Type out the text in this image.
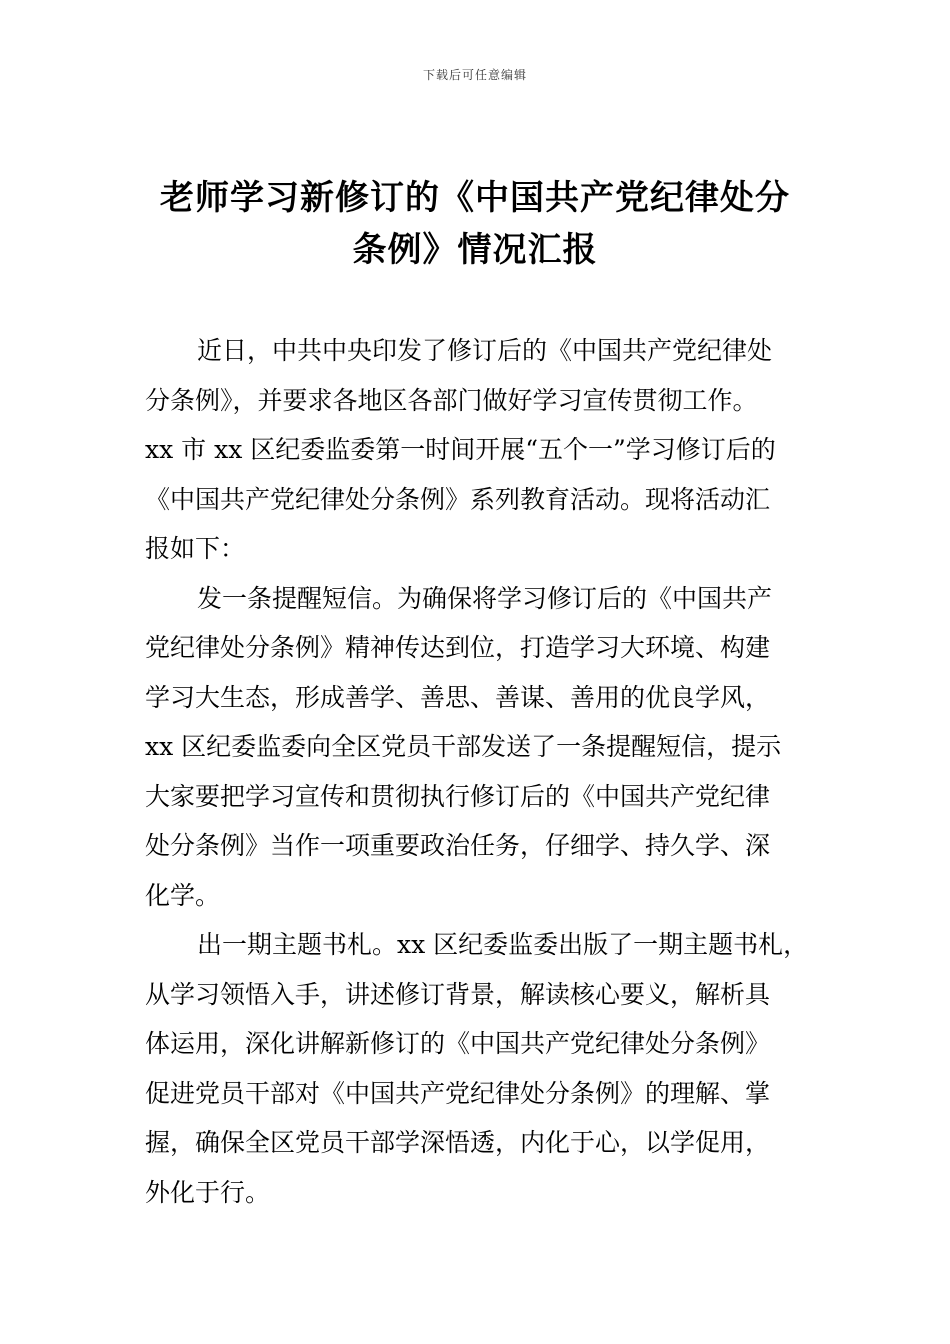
下载后可任意编辑
老师学习新修订的《中国共产党纪律处分
条例》情况汇报
近日，中共中央印发了修订后的《中国共产党纪律处
分条例》，并要求各地区各部门做好学习宣传贯彻工作。
xx 市 xx 区纪委监委第一时间开展“五个一”学习修订后的
《中国共产党纪律处分条例》系列教育活动。现将活动汇
报如下：
发一条提醒短信。为确保将学习修订后的《中国共产
党纪律处分条例》精神传达到位，打造学习大环境、构建
学习大生态，形成善学、善思、善谋、善用的优良学风，
xx 区纪委监委向全区党员干部发送了一条提醒短信，提示
大家要把学习宣传和贯彻执行修订后的《中国共产党纪律
处分条例》当作一项重要政治任务，仔细学、持久学、深
化学。
出一期主题书札。xx 区纪委监委出版了一期主题书札，
从学习领悟入手，讲述修订背景，解读核心要义，解析具
体运用，深化讲解新修订的《中国共产党纪律处分条例》
促进党员干部对《中国共产党纪律处分条例》的理解、掌
握，确保全区党员干部学深悟透，内化于心，以学促用，
外化于行。
